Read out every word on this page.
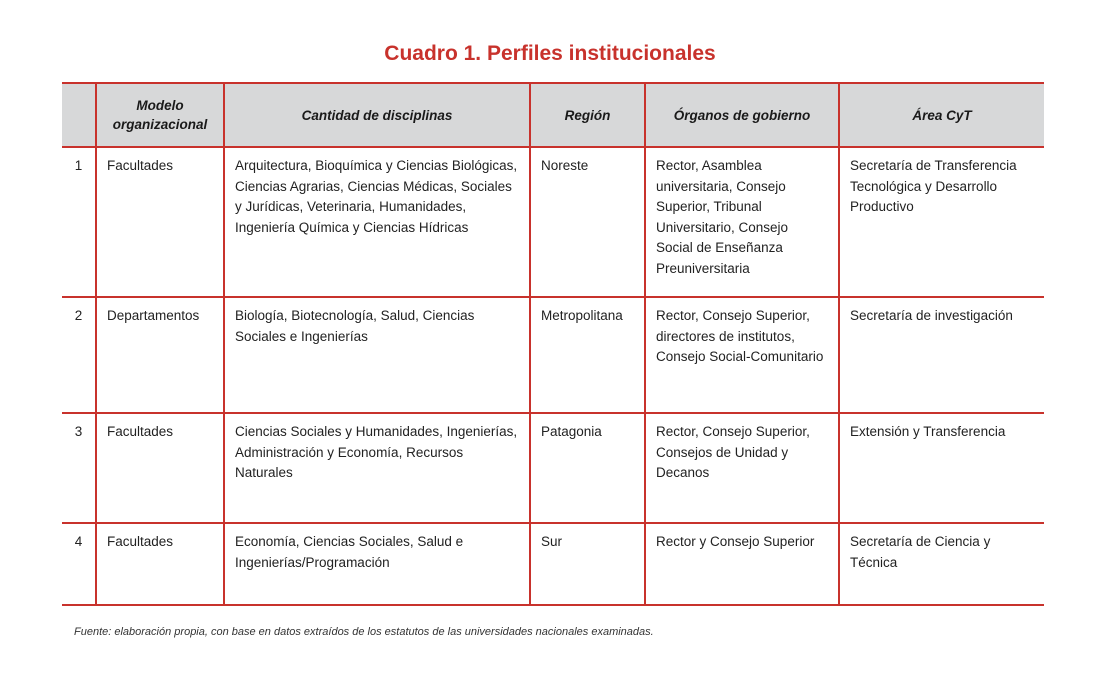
Cuadro 1. Perfiles institucionales
	Modelo organizacional	Cantidad de disciplinas	Región	Órganos de gobierno	Área CyT
1	Facultades	Arquitectura, Bioquímica y Ciencias Biológicas, Ciencias Agrarias, Ciencias Médicas, Sociales y Jurídicas, Veterinaria, Humanidades, Ingeniería Química y Ciencias Hídricas	Noreste	Rector, Asamblea universitaria, Consejo Superior, Tribunal Universitario, Consejo Social de Enseñanza Preuniversitaria	Secretaría de Transferencia Tecnológica y Desarrollo Productivo
2	Departamentos	Biología, Biotecnología, Salud, Ciencias Sociales e Ingenierías	Metropolitana	Rector, Consejo Superior, directores de institutos, Consejo Social-Comunitario	Secretaría de investigación
3	Facultades	Ciencias Sociales y Humanidades, Ingenierías, Administración y Economía, Recursos Naturales	Patagonia	Rector, Consejo Superior, Consejos de Unidad y Decanos	Extensión y Transferencia
4	Facultades	Economía, Ciencias Sociales, Salud e Ingenierías/Programación	Sur	Rector y Consejo Superior	Secretaría de Ciencia y Técnica
Fuente: elaboración propia, con base en datos extraídos de los estatutos de las universidades nacionales examinadas.
